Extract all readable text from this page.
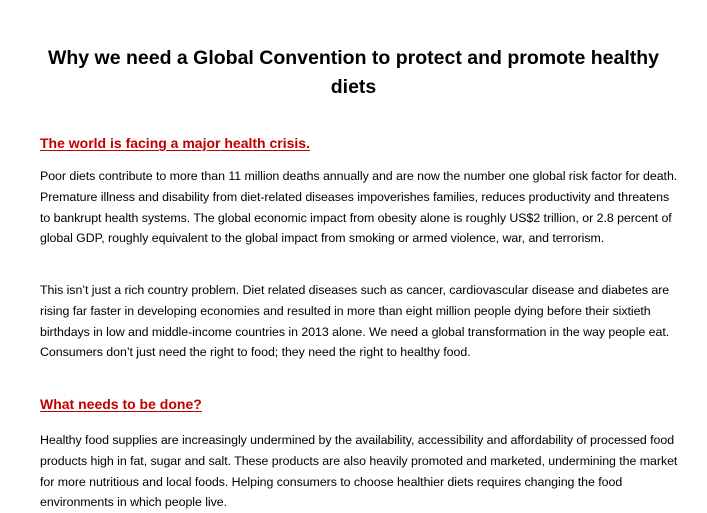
Why we need a Global Convention to protect and promote healthy diets
The world is facing a major health crisis.

Poor diets contribute to more than 11 million deaths annually and are now the number one global risk factor for death. Premature illness and disability from diet-related diseases impoverishes families, reduces productivity and threatens to bankrupt health systems. The global economic impact from obesity alone is roughly US$2 trillion, or 2.8 percent of global GDP, roughly equivalent to the global impact from smoking or armed violence, war, and terrorism.

This isn’t just a rich country problem. Diet related diseases such as cancer, cardiovascular disease and diabetes are rising far faster in developing economies and resulted in more than eight million people dying before their sixtieth birthdays in low and middle-income countries in 2013 alone. We need a global transformation in the way people eat. Consumers don’t just need the right to food; they need the right to healthy food.

What needs to be done?

Healthy food supplies are increasingly undermined by the availability, accessibility and affordability of processed food products high in fat, sugar and salt. These products are also heavily promoted and marketed, undermining the market for more nutritious and local foods. Helping consumers to choose healthier diets requires changing the food environments in which people live.
